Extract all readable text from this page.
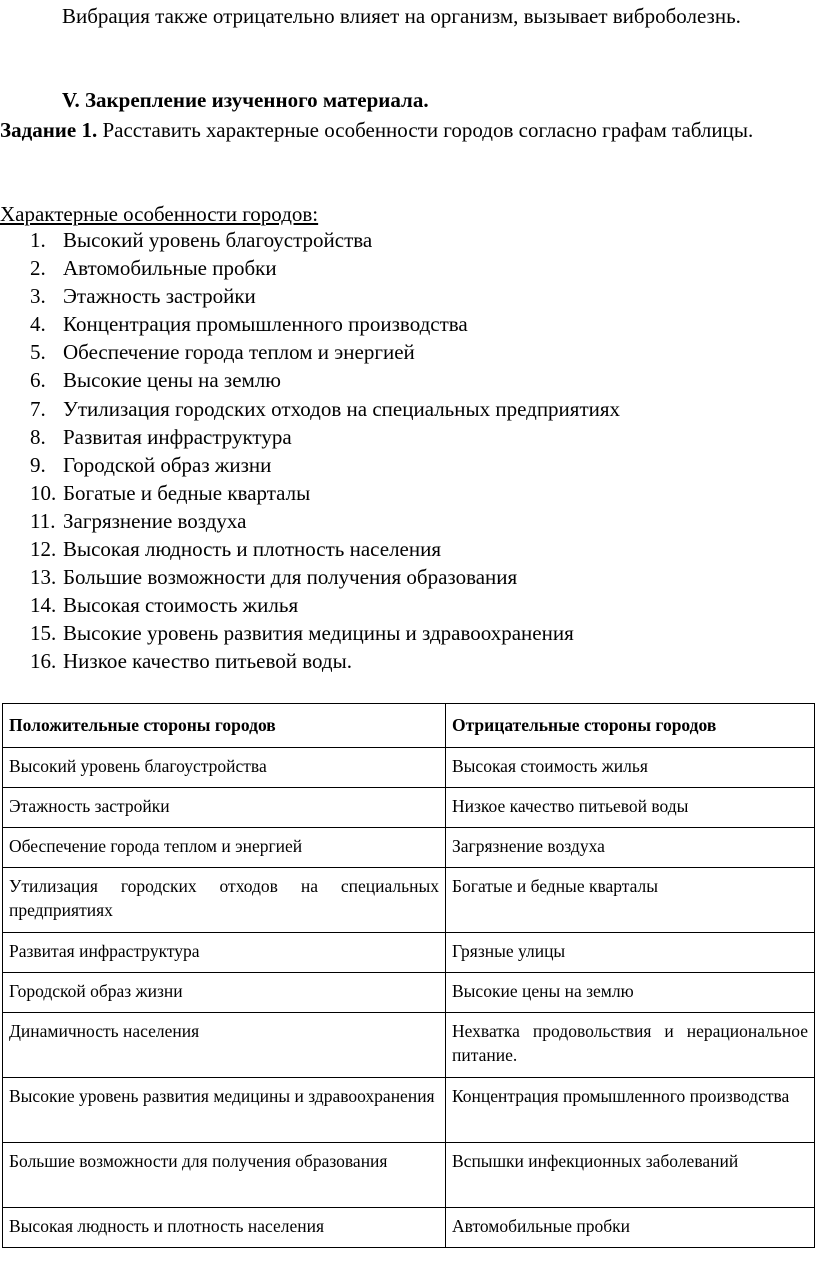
Вибрация также отрицательно влияет на организм, вызывает виброболезнь.
V. Закрепление изученного материала.
Задание 1. Расставить характерные особенности городов согласно графам таблицы.
Характерные особенности городов:
1. Высокий уровень благоустройства
2. Автомобильные пробки
3. Этажность застройки
4. Концентрация промышленного производства
5. Обеспечение города теплом и энергией
6. Высокие цены на землю
7. Утилизация городских отходов на специальных предприятиях
8. Развитая инфраструктура
9. Городской образ жизни
10. Богатые и бедные кварталы
11. Загрязнение воздуха
12. Высокая людность и плотность населения
13. Большие возможности для получения образования
14. Высокая стоимость жилья
15. Высокие уровень развития медицины и здравоохранения
16. Низкое качество питьевой воды.
Положительные стороны городов	Отрицательные стороны городов
Высокий уровень благоустройства	Высокая стоимость жилья
Этажность застройки	Низкое качество питьевой воды
Обеспечение города теплом и энергией	Загрязнение воздуха
Утилизация городских отходов на специальных предприятиях	Богатые и бедные кварталы
Развитая инфраструктура	Грязные улицы
Городской образ жизни	Высокие цены на землю
Динамичность населения	Нехватка продовольствия и нерациональное питание.
Высокие уровень развития медицины и здравоохранения	Концентрация промышленного производства
Большие возможности для получения образования	Вспышки инфекционных заболеваний
Высокая людность и плотность населения	Автомобильные пробки
